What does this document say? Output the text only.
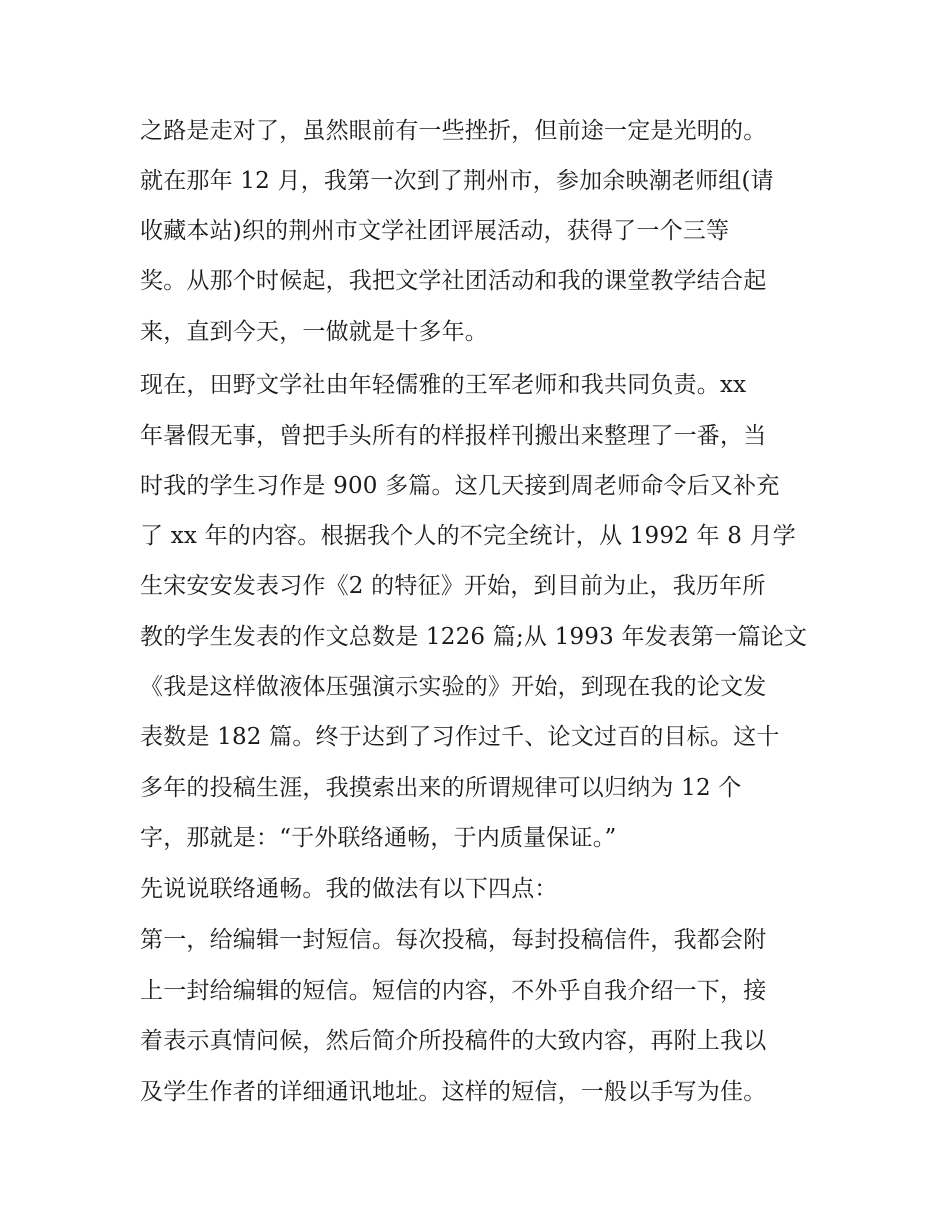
之路是走对了，虽然眼前有一些挫折，但前途一定是光明的。
就在那年 12 月，我第一次到了荆州市，参加余映潮老师组(请
收藏本站)织的荆州市文学社团评展活动，获得了一个三等
奖。从那个时候起，我把文学社团活动和我的课堂教学结合起
来，直到今天，一做就是十多年。
现在，田野文学社由年轻儒雅的王军老师和我共同负责。xx
年暑假无事，曾把手头所有的样报样刊搬出来整理了一番，当
时我的学生习作是 900 多篇。这几天接到周老师命令后又补充
了 xx 年的内容。根据我个人的不完全统计，从 1992 年 8 月学
生宋安安发表习作《2 的特征》开始，到目前为止，我历年所
教的学生发表的作文总数是 1226 篇;从 1993 年发表第一篇论文
《我是这样做液体压强演示实验的》开始，到现在我的论文发
表数是 182 篇。终于达到了习作过千、论文过百的目标。这十
多年的投稿生涯，我摸索出来的所谓规律可以归纳为 12 个
字，那就是：“于外联络通畅，于内质量保证。”
先说说联络通畅。我的做法有以下四点：
第一，给编辑一封短信。每次投稿，每封投稿信件，我都会附
上一封给编辑的短信。短信的内容，不外乎自我介绍一下，接
着表示真情问候，然后简介所投稿件的大致内容，再附上我以
及学生作者的详细通讯地址。这样的短信，一般以手写为佳。
